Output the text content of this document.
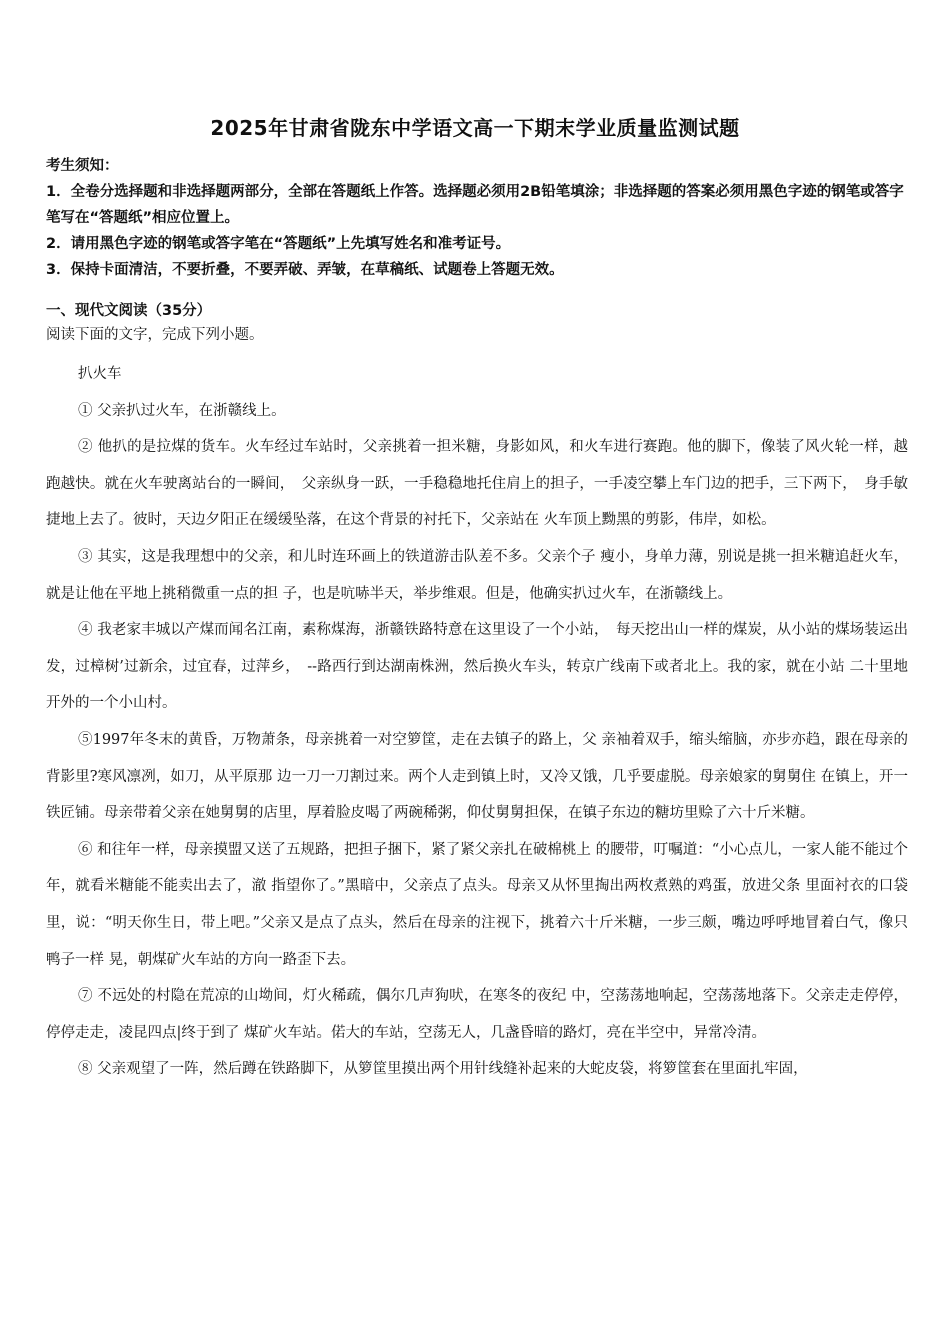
2025年甘肃省陇东中学语文高一下期末学业质量监测试题

考生须知：

1．全卷分选择题和非选择题两部分，全部在答题纸上作答。选择题必须用2B铅笔填涂；非选择题的答案必须用黑色字迹的钢笔或答字笔写在“答题纸”相应位置上。

2．请用黑色字迹的钢笔或答字笔在“答题纸”上先填写姓名和准考证号。

3．保持卡面清洁，不要折叠，不要弄破、弄皱，在草稿纸、试题卷上答题无效。

一、现代文阅读（35分）
阅读下面的文字，完成下列小题。

扒火车

① 父亲扒过火车，在浙赣线上。

② 他扒的是拉煤的货车。火车经过车站时，父亲挑着一担米糖，身影如风，和火车进行赛跑。他的脚下，像装了风火轮一样，越跑越快。就在火车驶离站台的一瞬间，　父亲纵身一跃，一手稳稳地托住肩上的担子，一手凌空攀上车门边的把手，三下两下，　身手敏捷地上去了。彼时，天边夕阳正在缓缓坠落，在这个背景的衬托下，父亲站在 火车顶上黝黑的剪影，伟岸，如松。

③ 其实，这是我理想中的父亲，和儿时连环画上的铁道游击队差不多。父亲个子 瘦小，身单力薄，别说是挑一担米糖追赶火车，就是让他在平地上挑稍微重一点的担 子，也是吭哧半天，举步维艰。但是，他确实扒过火车，在浙赣线上。

④ 我老家丰城以产煤而闻名江南，素称煤海，浙赣铁路特意在这里设了一个小站，　每天挖出山一样的煤炭，从小站的煤场装运出发，过樟树’过新余，过宜春，过萍乡，　--路西行到达湖南株洲，然后换火车头，转京广线南下或者北上。我的家，就在小站 二十里地开外的一个小山村。

⑤1997年冬末的黄昏，万物萧条，母亲挑着一对空箩筐，走在去镇子的路上，父 亲袖着双手，缩头缩脑，亦步亦趋，跟在母亲的背影里?寒风凛冽，如刀，从平原那 边一刀一刀割过来。两个人走到镇上时，又冷又饿，几乎要虚脱。母亲娘家的舅舅住 在镇上，开一铁匠铺。母亲带着父亲在她舅舅的店里，厚着脸皮喝了两碗稀粥，仰仗舅舅担保，在镇子东边的糖坊里赊了六十斤米糖。

⑥ 和往年一样，母亲摸盟又送了五规路，把担子捆下，紧了紧父亲扎在破棉桃上 的腰带，叮嘱道：“小心点儿，一家人能不能过个年，就看米糖能不能卖出去了，澈 指望你了。”黑暗中，父亲点了点头。母亲又从怀里掏出两枚煮熟的鸡蛋，放进父条 里面衬衣的口袋里，说：“明天你生日，带上吧。”父亲又是点了点头，然后在母亲的注视下，挑着六十斤米糖，一步三颇，嘴边呼呼地冒着白气，像只鸭子一样 晃，朝煤矿火车站的方向一路歪下去。

⑦ 不远处的村隐在荒凉的山坳间，灯火稀疏，偶尔几声狗吠，在寒冬的夜纪 中，空荡荡地响起，空荡荡地落下。父亲走走停停，停停走走，凌昆四点|终于到了 煤矿火车站。偌大的车站，空荡无人，几盏昏暗的路灯，亮在半空中，异常冷清。

⑧ 父亲观望了一阵，然后蹲在铁路脚下，从箩筐里摸出两个用针线缝补起来的大蛇皮袋，将箩筐套在里面扎牢固，
